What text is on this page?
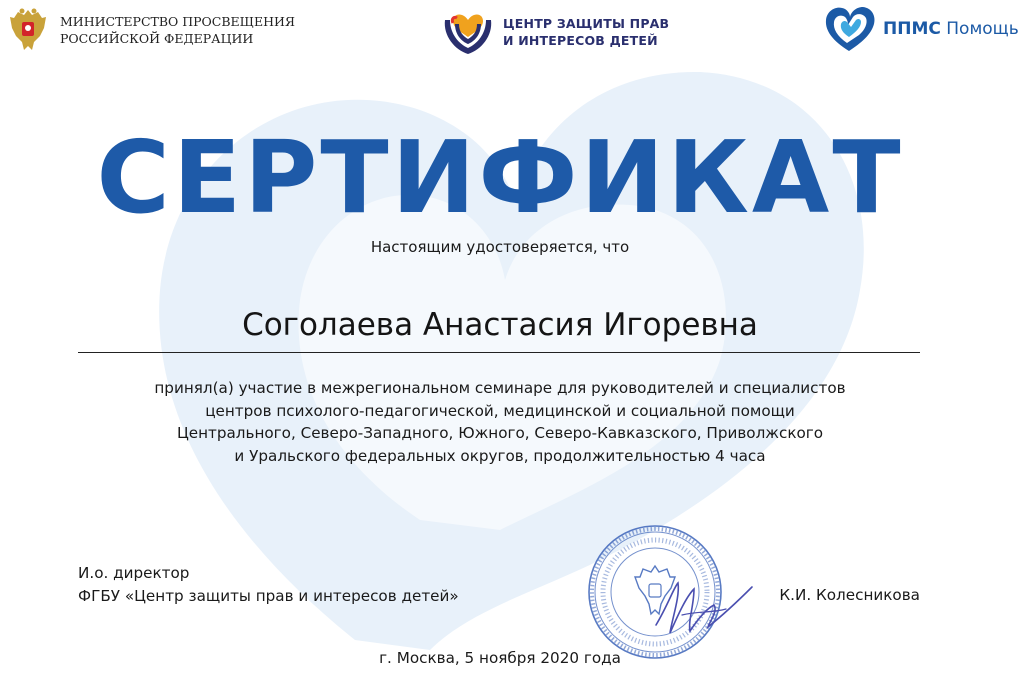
МИНИСТЕРСТВО ПРОСВЕЩЕНИЯ
РОССИЙСКОЙ ФЕДЕРАЦИИ
ЦЕНТР ЗАЩИТЫ ПРАВ
И ИНТЕРЕСОВ ДЕТЕЙ
ППМС Помощь
СЕРТИФИКАТ
Настоящим удостоверяется, что
Соголаева Анастасия Игоревна
принял(а) участие в межрегиональном семинаре для руководителей и специалистов
центров психолого-педагогической, медицинской и социальной помощи
Центрального, Северо-Западного, Южного, Северо-Кавказского, Приволжского
и Уральского федеральных округов, продолжительностью 4 часа
И.о. директор
ФГБУ «Центр защиты прав и интересов детей»	К.И. Колесникова
г. Москва, 5 ноября 2020 года
